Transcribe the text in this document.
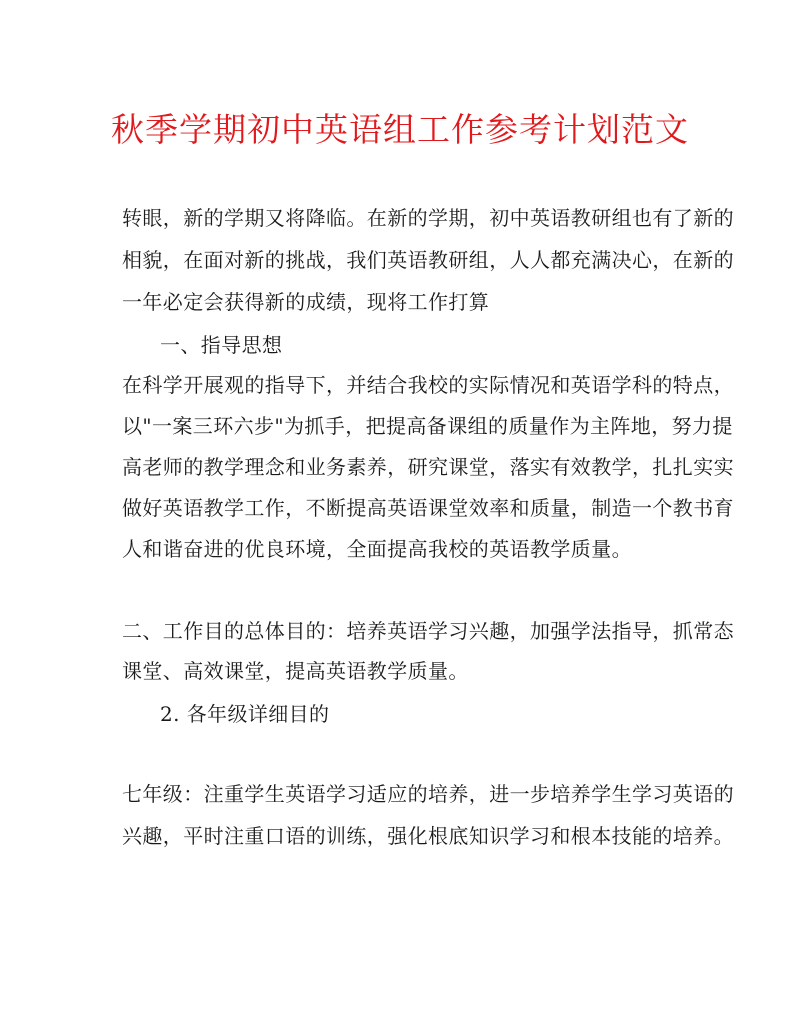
秋季学期初中英语组工作参考计划范文
转眼，新的学期又将降临。在新的学期，初中英语教研组也有了新的
相貌，在面对新的挑战，我们英语教研组，人人都充满决心，在新的
一年必定会获得新的成绩，现将工作打算
一、指导思想
在科学开展观的指导下，并结合我校的实际情况和英语学科的特点，
以"一案三环六步"为抓手，把提高备课组的质量作为主阵地，努力提
高老师的教学理念和业务素养，研究课堂，落实有效教学，扎扎实实
做好英语教学工作，不断提高英语课堂效率和质量，制造一个教书育
人和谐奋进的优良环境，全面提高我校的英语教学质量。
二、工作目的总体目的：培养英语学习兴趣，加强学法指导，抓常态
课堂、高效课堂，提高英语教学质量。
2. 各年级详细目的
七年级：注重学生英语学习适应的培养，进一步培养学生学习英语的
兴趣，平时注重口语的训练，强化根底知识学习和根本技能的培养。
